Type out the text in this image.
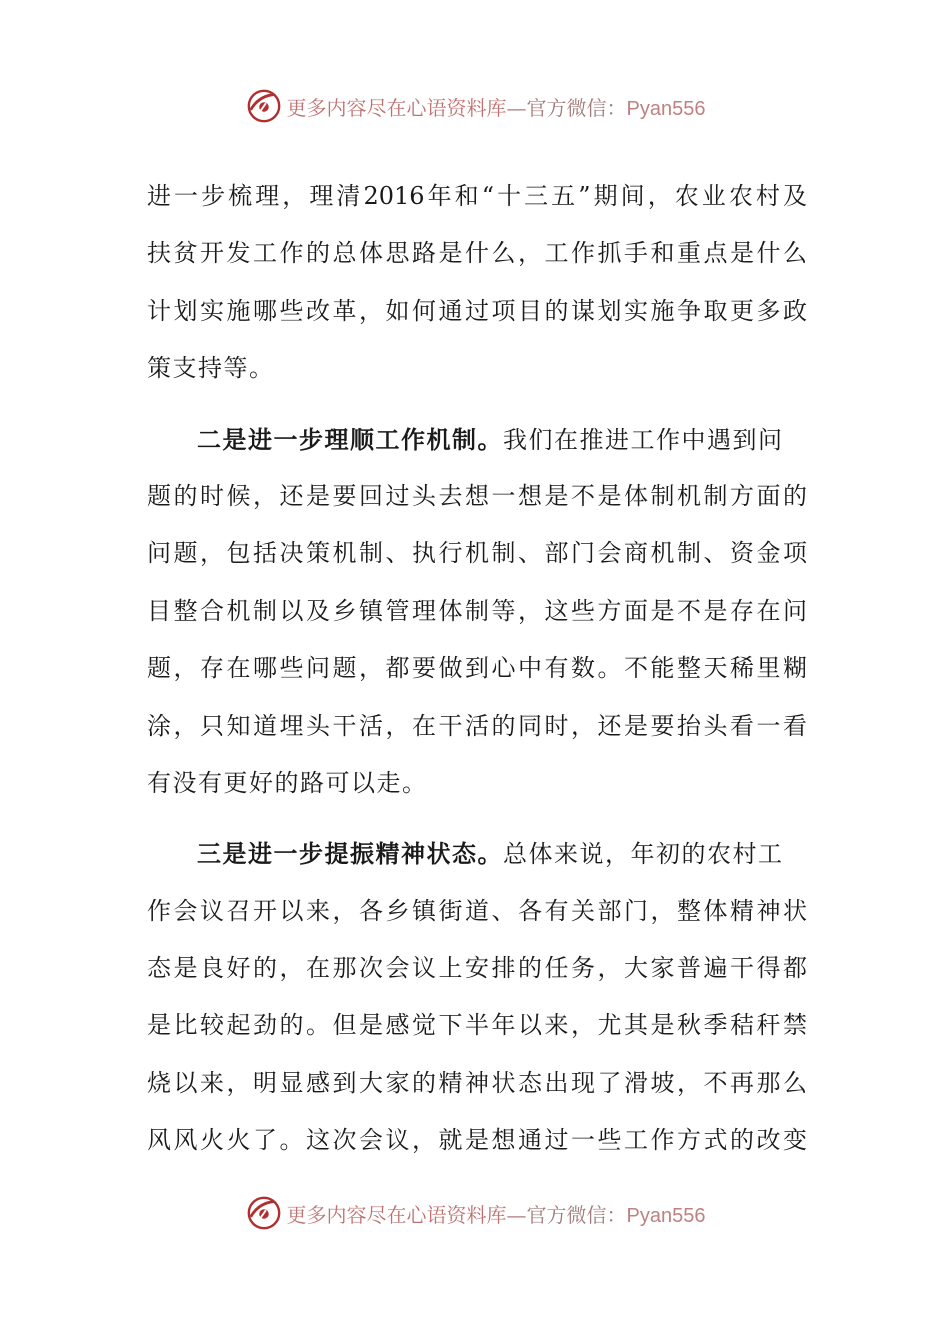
更多内容尽在心语资料库—官方微信：Pyan556
进一步梳理，理清2016年和“十三五”期间，农业农村及
扶贫开发工作的总体思路是什么，工作抓手和重点是什么
计划实施哪些改革，如何通过项目的谋划实施争取更多政
策支持等。
二是进一步理顺工作机制。我们在推进工作中遇到问
题的时候，还是要回过头去想一想是不是体制机制方面的
问题，包括决策机制、执行机制、部门会商机制、资金项
目整合机制以及乡镇管理体制等，这些方面是不是存在问
题，存在哪些问题，都要做到心中有数。不能整天稀里糊
涂，只知道埋头干活，在干活的同时，还是要抬头看一看
有没有更好的路可以走。
三是进一步提振精神状态。总体来说，年初的农村工
作会议召开以来，各乡镇街道、各有关部门，整体精神状
态是良好的，在那次会议上安排的任务，大家普遍干得都
是比较起劲的。但是感觉下半年以来，尤其是秋季秸秆禁
烧以来，明显感到大家的精神状态出现了滑坡，不再那么
风风火火了。这次会议，就是想通过一些工作方式的改变
更多内容尽在心语资料库—官方微信：Pyan556
